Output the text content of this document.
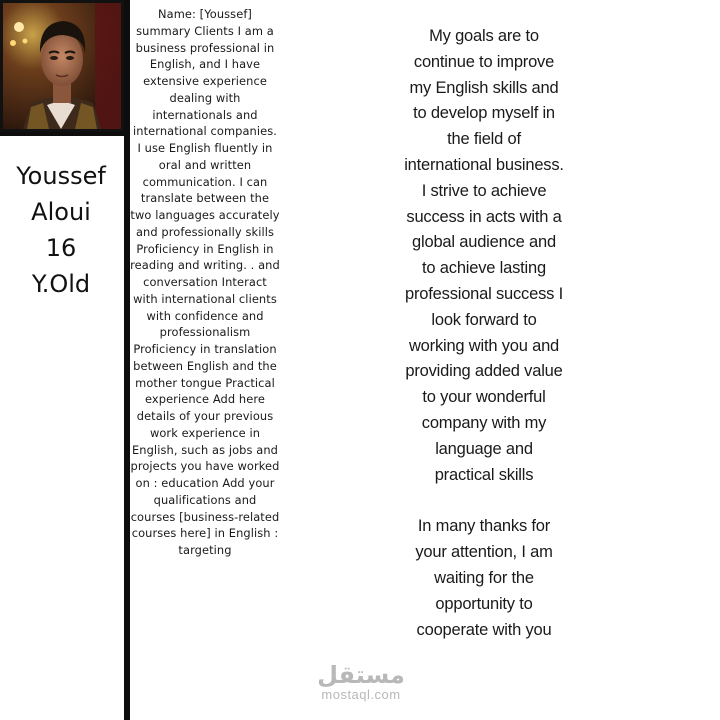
Youssef
Aloui
16
Y.Old

Name: [Youssef] summary Clients I am a business professional in English, and I have extensive experience dealing with internationals and international companies. I use English fluently in oral and written communication. I can translate between the two languages accurately and professionally skills Proficiency in English in reading and writing. . and conversation Interact with international clients with confidence and professionalism Proficiency in translation between English and the mother tongue Practical experience Add here details of your previous work experience in English, such as jobs and projects you have worked on : education Add your qualifications and courses [business-related courses here] in English : targeting

My goals are to continue to improve my English skills and to develop myself in the field of international business. I strive to achieve success in acts with a global audience and to achieve lasting professional success I look forward to working with you and providing added value to your wonderful company with my language and practical skills

In many thanks for your attention, I am waiting for the opportunity to cooperate with you

مستقل
mostaql.com
